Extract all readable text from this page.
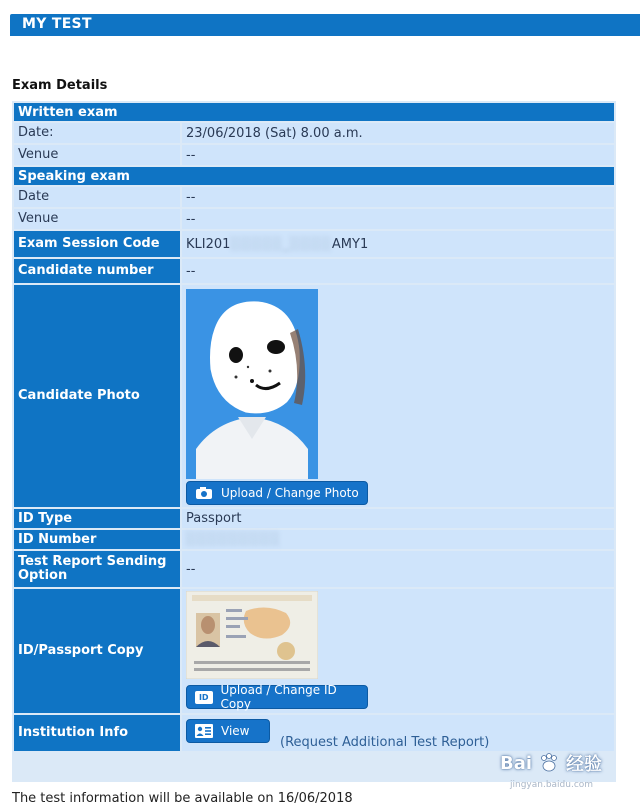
MY TEST
Exam Details
Written exam
Date:	23/06/2018 (Sat) 8.00 a.m.
Venue	--
Speaking exam
Date	--
Venue	--
Exam Session Code	KLI201 ░░░░░_░░░░ AMY1
Candidate number	--
Candidate Photo
Upload / Change Photo
ID Type	Passport
ID Number	░░░░░░░░░
Test Report Sending Option	--
ID/Passport Copy
ID Upload / Change ID Copy
Institution Info	View
(Request Additional Test Report)
Bai 经验
jingyan.baidu.com
The test information will be available on 16/06/2018
